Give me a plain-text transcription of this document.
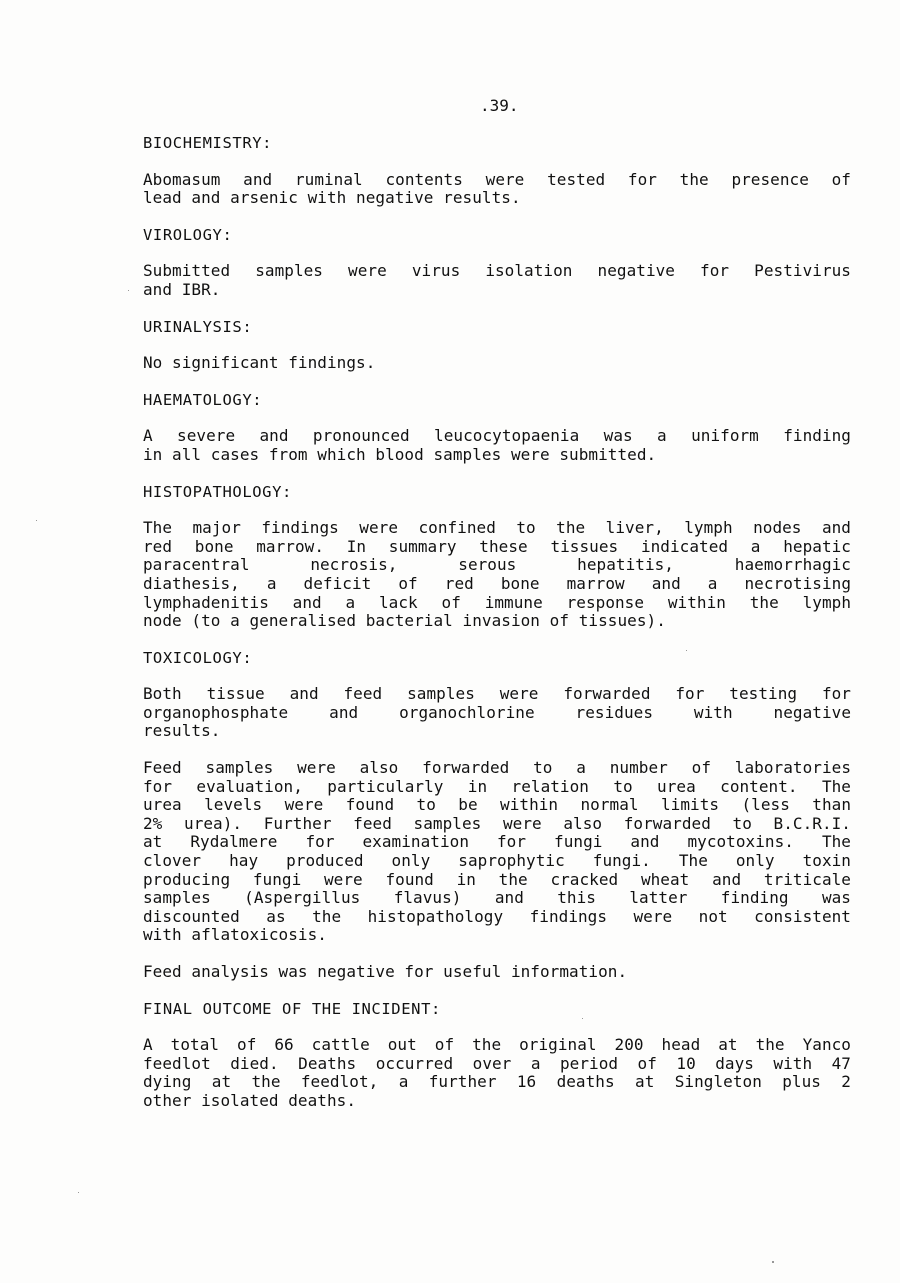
.39.
BIOCHEMISTRY:
Abomasum and ruminal contents were tested for the presence of
lead and arsenic with negative results.
VIROLOGY:
Submitted samples were virus isolation negative for Pestivirus
and IBR.
URINALYSIS:
No significant findings.
HAEMATOLOGY:
A severe and pronounced leucocytopaenia was a uniform finding
in all cases from which blood samples were submitted.
HISTOPATHOLOGY:
The major findings were confined to the liver, lymph nodes and
red bone marrow. In summary these tissues indicated a hepatic
paracentral necrosis, serous hepatitis, haemorrhagic
diathesis, a deficit of red bone marrow and a necrotising
lymphadenitis and a lack of immune response within the lymph
node (to a generalised bacterial invasion of tissues).
TOXICOLOGY:
Both tissue and feed samples were forwarded for testing for
organophosphate and organochlorine residues with negative
results.
Feed samples were also forwarded to a number of laboratories
for evaluation, particularly in relation to urea content. The
urea levels were found to be within normal limits (less than
2% urea). Further feed samples were also forwarded to B.C.R.I.
at Rydalmere for examination for fungi and mycotoxins. The
clover hay produced only saprophytic fungi. The only toxin
producing fungi were found in the cracked wheat and triticale
samples (Aspergillus flavus) and this latter finding was
discounted as the histopathology findings were not consistent
with aflatoxicosis.
Feed analysis was negative for useful information.
FINAL OUTCOME OF THE INCIDENT:
A total of 66 cattle out of the original 200 head at the Yanco
feedlot died. Deaths occurred over a period of 10 days with 47
dying at the feedlot, a further 16 deaths at Singleton plus 2
other isolated deaths.
